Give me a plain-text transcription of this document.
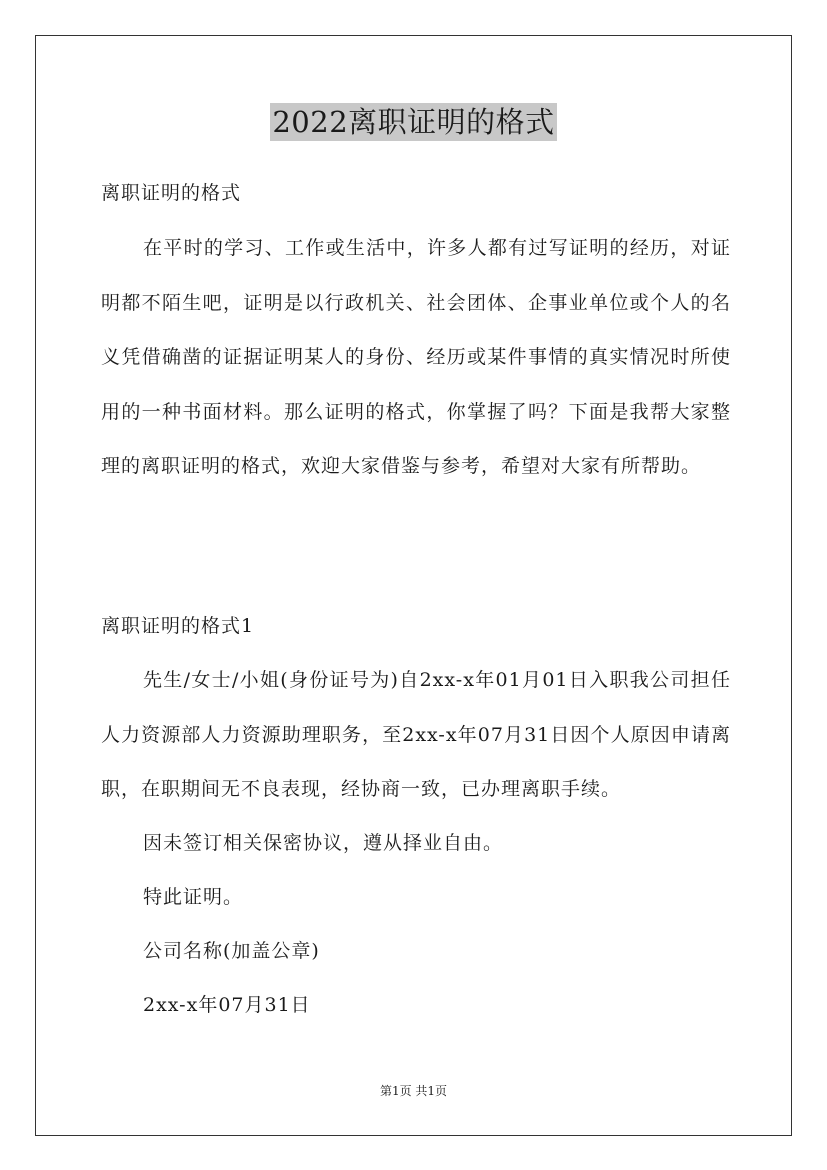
2022离职证明的格式

离职证明的格式

在平时的学习、工作或生活中，许多人都有过写证明的经历，对证明都不陌生吧，证明是以行政机关、社会团体、企事业单位或个人的名义凭借确凿的证据证明某人的身份、经历或某件事情的真实情况时所使用的一种书面材料。那么证明的格式，你掌握了吗？下面是我帮大家整理的离职证明的格式，欢迎大家借鉴与参考，希望对大家有所帮助。

离职证明的格式1

先生/女士/小姐(身份证号为)自2xx-x年01月01日入职我公司担任人力资源部人力资源助理职务，至2xx-x年07月31日因个人原因申请离职，在职期间无不良表现，经协商一致，已办理离职手续。

因未签订相关保密协议，遵从择业自由。

特此证明。

公司名称(加盖公章)

2xx-x年07月31日

第1页 共1页
